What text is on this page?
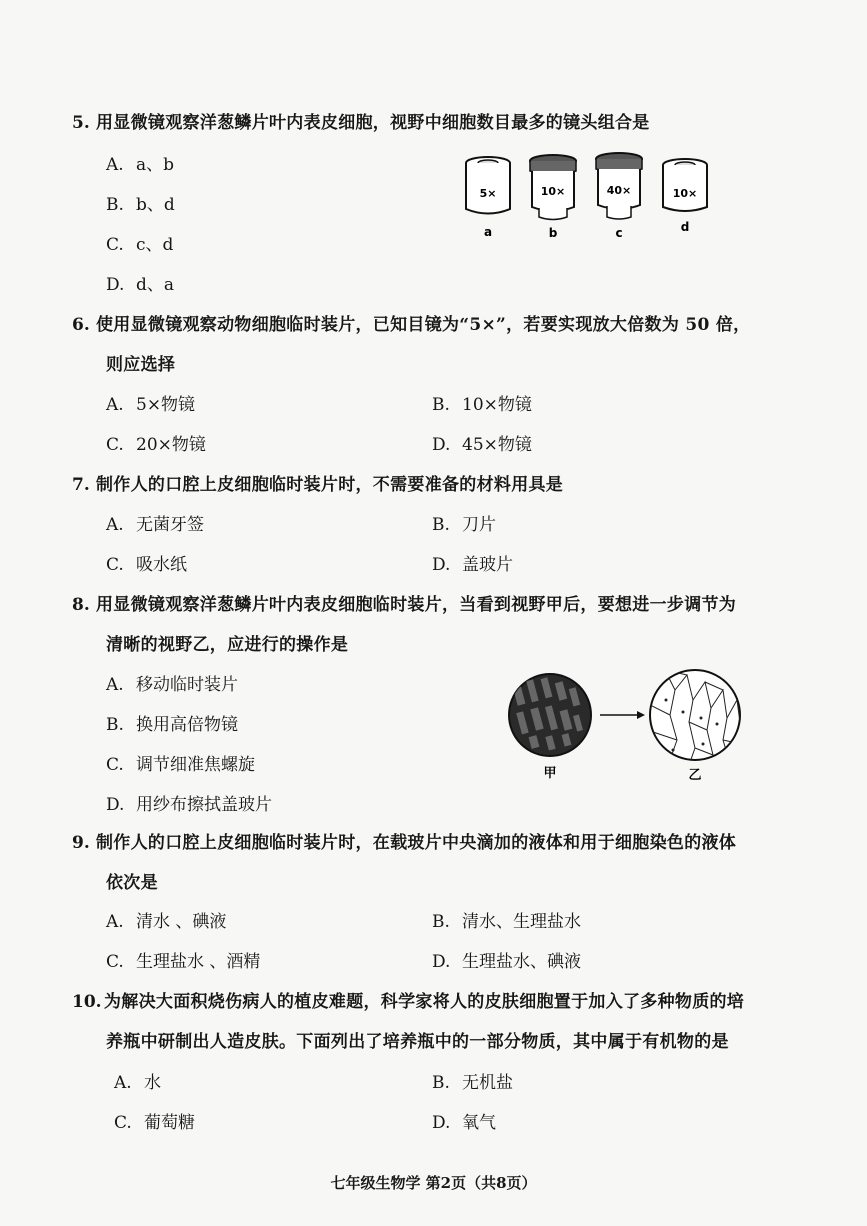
5. 用显微镜观察洋葱鳞片叶内表皮细胞，视野中细胞数目最多的镜头组合是
A. a、b
B. b、d
C. c、d
D. d、a
5×
a
10×
b
40×
c
10×
d
6. 使用显微镜观察动物细胞临时装片，已知目镜为“5×”，若要实现放大倍数为 50 倍，
则应选择
A. 5×物镜	B. 10×物镜
C. 20×物镜	D. 45×物镜
7. 制作人的口腔上皮细胞临时装片时，不需要准备的材料用具是
A. 无菌牙签	B. 刀片
C. 吸水纸	D. 盖玻片
8. 用显微镜观察洋葱鳞片叶内表皮细胞临时装片，当看到视野甲后，要想进一步调节为
清晰的视野乙，应进行的操作是
A. 移动临时装片
B. 换用高倍物镜
C. 调节细准焦螺旋
D. 用纱布擦拭盖玻片
甲	乙
9. 制作人的口腔上皮细胞临时装片时，在载玻片中央滴加的液体和用于细胞染色的液体
依次是
A. 清水 、碘液	B. 清水、生理盐水
C. 生理盐水 、酒精	D. 生理盐水、碘液
10. 为解决大面积烧伤病人的植皮难题，科学家将人的皮肤细胞置于加入了多种物质的培
养瓶中研制出人造皮肤。下面列出了培养瓶中的一部分物质，其中属于有机物的是
A. 水	B. 无机盐
C. 葡萄糖	D. 氧气
七年级生物学 第2页（共8页）
